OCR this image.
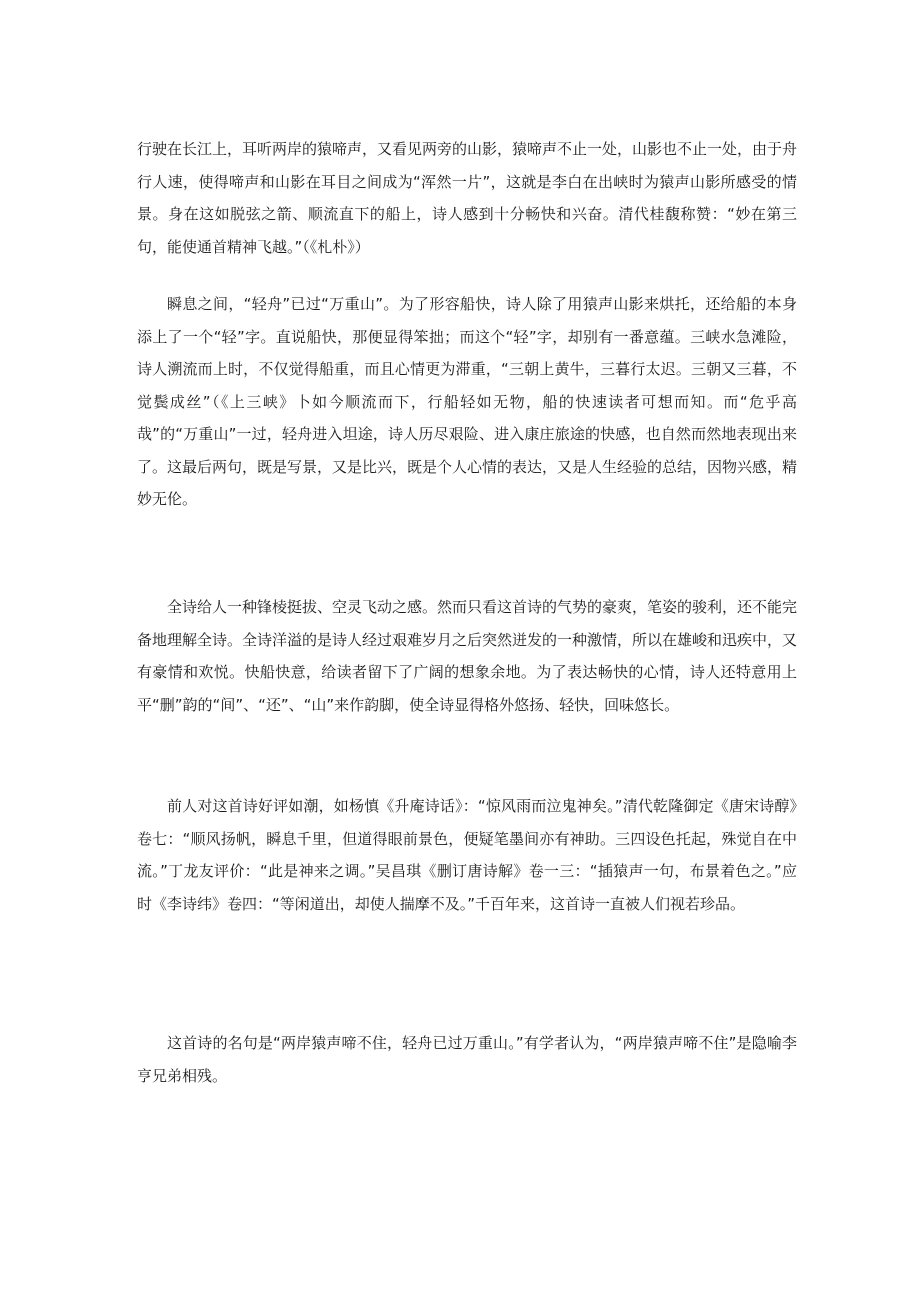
行驶在长江上，耳听两岸的猿啼声，又看见两旁的山影，猿啼声不止一处，山影也不止一处，由于舟行人速，使得啼声和山影在耳目之间成为“浑然一片”，这就是李白在出峡时为猿声山影所感受的情景。身在这如脱弦之箭、顺流直下的船上，诗人感到十分畅快和兴奋。清代桂馥称赞：“妙在第三句，能使通首精神飞越。”（《札朴》）

瞬息之间，“轻舟”已过“万重山”。为了形容船快，诗人除了用猿声山影来烘托，还给船的本身添上了一个“轻”字。直说船快，那便显得笨拙；而这个“轻”字，却别有一番意蕴。三峡水急滩险，诗人溯流而上时，不仅觉得船重，而且心情更为滞重，“三朝上黄牛，三暮行太迟。三朝又三暮，不觉鬓成丝”（《上三峡》卜如今顺流而下，行船轻如无物，船的快速读者可想而知。而“危乎高哉”的“万重山”一过，轻舟进入坦途，诗人历尽艰险、进入康庄旅途的快感，也自然而然地表现出来了。这最后两句，既是写景，又是比兴，既是个人心情的表达，又是人生经验的总结，因物兴感，精妙无伦。

全诗给人一种锋棱挺拔、空灵飞动之感。然而只看这首诗的气势的豪爽，笔姿的骏利，还不能完备地理解全诗。全诗洋溢的是诗人经过艰难岁月之后突然迸发的一种激情，所以在雄峻和迅疾中，又有豪情和欢悦。快船快意，给读者留下了广阔的想象余地。为了表达畅快的心情，诗人还特意用上平“删”韵的“间”、“还”、“山”来作韵脚，使全诗显得格外悠扬、轻快，回味悠长。

前人对这首诗好评如潮，如杨慎《升庵诗话》：“惊风雨而泣鬼神矣。”清代乾隆御定《唐宋诗醇》卷七：“顺风扬帆，瞬息千里，但道得眼前景色，便疑笔墨间亦有神助。三四设色托起，殊觉自在中流。”丁龙友评价：“此是神来之调。”吴昌琪《删订唐诗解》卷一三：“插猿声一句，布景着色之。”应时《李诗纬》卷四：“等闲道出，却使人揣摩不及。”千百年来，这首诗一直被人们视若珍品。

这首诗的名句是“两岸猿声啼不住，轻舟已过万重山。”有学者认为，“两岸猿声啼不住”是隐喻李亨兄弟相残。
